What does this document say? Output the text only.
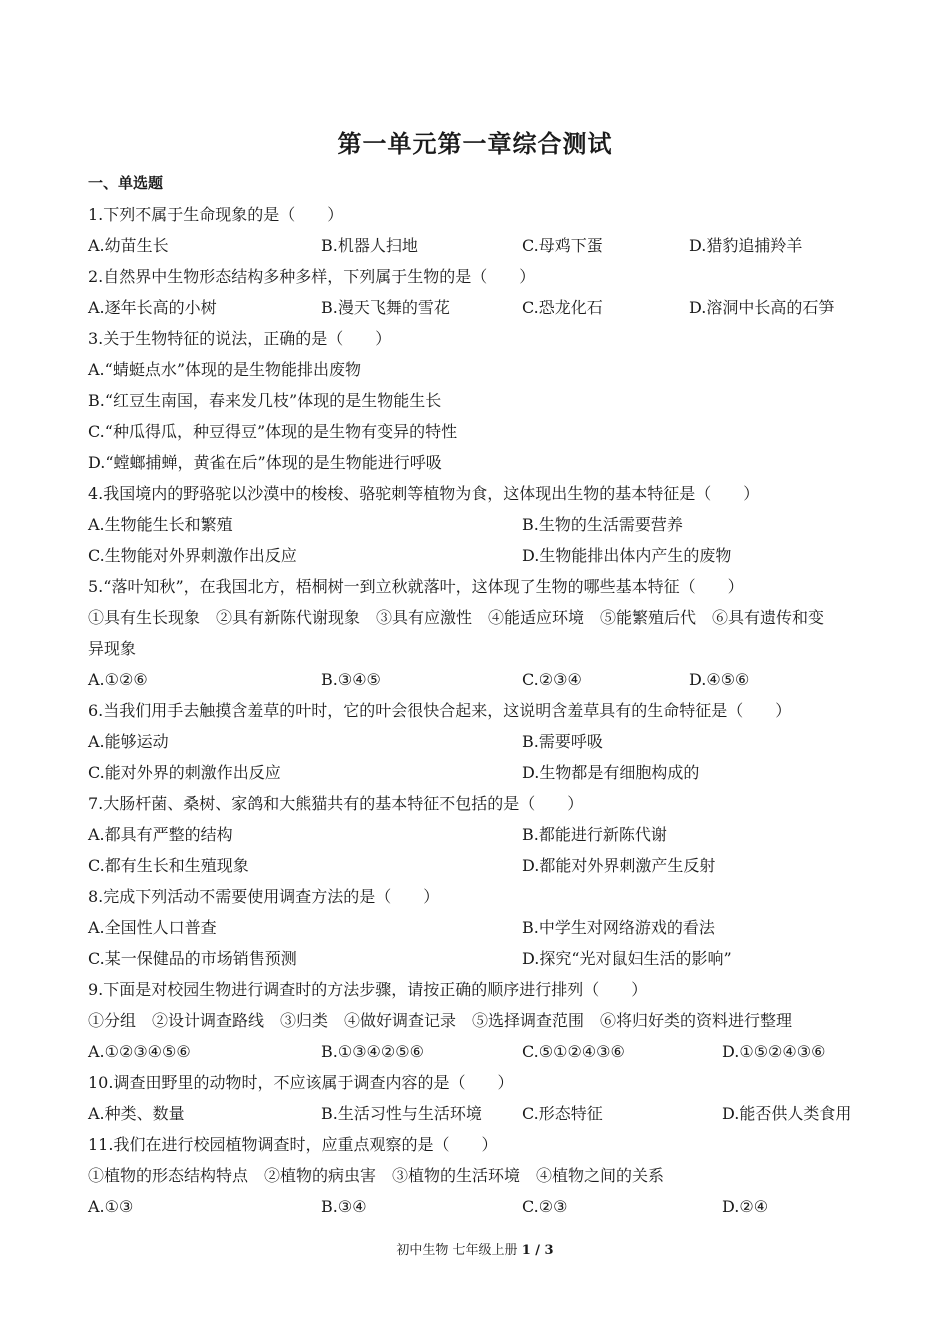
第一单元第一章综合测试
一、单选题
1.下列不属于生命现象的是（　　）
A.幼苗生长	B.机器人扫地	C.母鸡下蛋	D.猎豹追捕羚羊
2.自然界中生物形态结构多种多样，下列属于生物的是（　　）
A.逐年长高的小树	B.漫天飞舞的雪花	C.恐龙化石	D.溶洞中长高的石笋
3.关于生物特征的说法，正确的是（　　）
A.“蜻蜓点水”体现的是生物能排出废物
B.“红豆生南国，春来发几枝”体现的是生物能生长
C.“种瓜得瓜，种豆得豆”体现的是生物有变异的特性
D.“螳螂捕蝉，黄雀在后”体现的是生物能进行呼吸
4.我国境内的野骆驼以沙漠中的梭梭、骆驼刺等植物为食，这体现出生物的基本特征是（　　）
A.生物能生长和繁殖	B.生物的生活需要营养
C.生物能对外界刺激作出反应	D.生物能排出体内产生的废物
5.“落叶知秋”，在我国北方，梧桐树一到立秋就落叶，这体现了生物的哪些基本特征（　　）
①具有生长现象　②具有新陈代谢现象　③具有应激性　④能适应环境　⑤能繁殖后代　⑥具有遗传和变
异现象
A.①②⑥	B.③④⑤	C.②③④	D.④⑤⑥
6.当我们用手去触摸含羞草的叶时，它的叶会很快合起来，这说明含羞草具有的生命特征是（　　）
A.能够运动	B.需要呼吸
C.能对外界的刺激作出反应	D.生物都是有细胞构成的
7.大肠杆菌、桑树、家鸽和大熊猫共有的基本特征不包括的是（　　）
A.都具有严整的结构	B.都能进行新陈代谢
C.都有生长和生殖现象	D.都能对外界刺激产生反射
8.完成下列活动不需要使用调查方法的是（　　）
A.全国性人口普查	B.中学生对网络游戏的看法
C.某一保健品的市场销售预测	D.探究“光对鼠妇生活的影响”
9.下面是对校园生物进行调查时的方法步骤，请按正确的顺序进行排列（　　）
①分组　②设计调查路线　③归类　④做好调查记录　⑤选择调查范围　⑥将归好类的资料进行整理
A.①②③④⑤⑥	B.①③④②⑤⑥	C.⑤①②④③⑥	D.①⑤②④③⑥
10.调查田野里的动物时，不应该属于调查内容的是（　　）
A.种类、数量	B.生活习性与生活环境	C.形态特征	D.能否供人类食用
11.我们在进行校园植物调查时，应重点观察的是（　　）
①植物的形态结构特点　②植物的病虫害　③植物的生活环境　④植物之间的关系
A.①③	B.③④	C.②③	D.②④
初中生物 七年级上册 1 / 3
